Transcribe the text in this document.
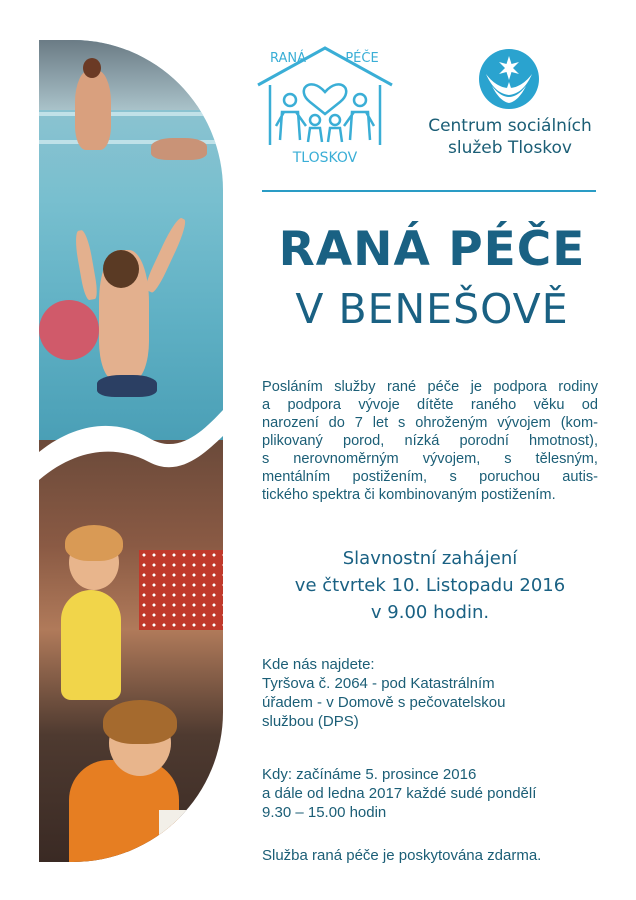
RANÁ	PÉČE
TLOSKOV
Centrum sociálních
služeb Tloskov
RANÁ PÉČE
V BENEŠOVĚ
Posláním služby rané péče je podpora rodiny
a podpora vývoje dítěte raného věku od
narození do 7 let s ohroženým vývojem (kom-
plikovaný porod, nízká porodní hmotnost),
s nerovnoměrným vývojem, s tělesným,
mentálním postižením, s poruchou autis-
tického spektra či kombinovaným postižením.
Slavnostní zahájení
ve čtvrtek 10. Listopadu 2016
v 9.00 hodin.
Kde nás najdete:
Tyršova č. 2064 - pod Katastrálním
úřadem - v Domově s pečovatelskou
službou (DPS)
Kdy: začínáme 5. prosince 2016
a dále od ledna 2017 každé sudé pondělí
9.30 – 15.00 hodin
Služba raná péče je poskytována zdarma.
